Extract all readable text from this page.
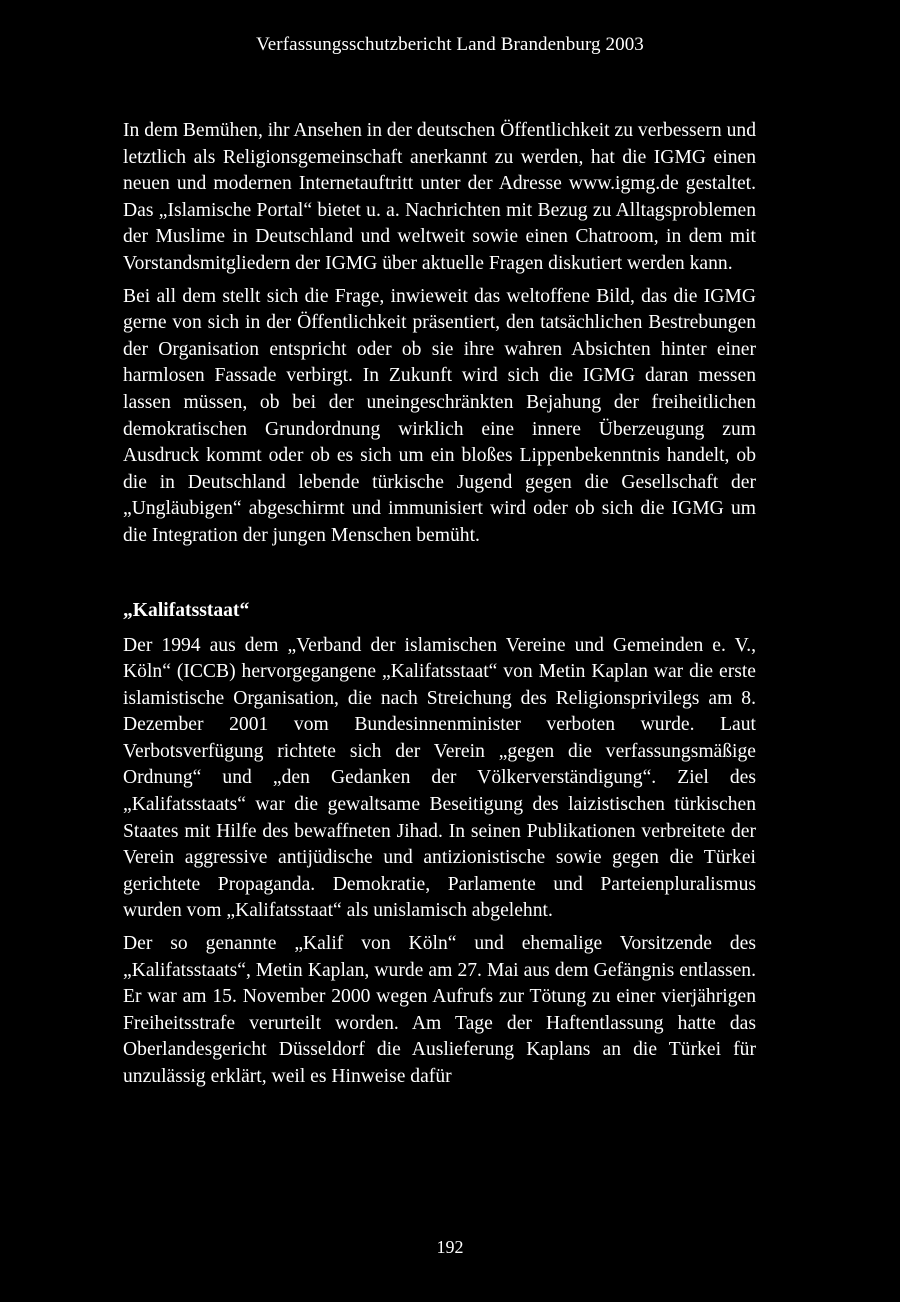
Verfassungsschutzbericht Land Brandenburg 2003

In dem Bemühen, ihr Ansehen in der deutschen Öffentlichkeit zu verbessern und letztlich als Religionsgemeinschaft anerkannt zu werden, hat die IGMG einen neuen und modernen Internetauftritt unter der Adresse www.igmg.de gestaltet. Das „Islamische Portal“ bietet u. a. Nachrichten mit Bezug zu Alltagsproblemen der Muslime in Deutschland und weltweit sowie einen Chatroom, in dem mit Vorstandsmitgliedern der IGMG über aktuelle Fragen diskutiert werden kann.

Bei all dem stellt sich die Frage, inwieweit das weltoffene Bild, das die IGMG gerne von sich in der Öffentlichkeit präsentiert, den tatsächlichen Bestrebungen der Organisation entspricht oder ob sie ihre wahren Absichten hinter einer harmlosen Fassade verbirgt. In Zukunft wird sich die IGMG daran messen lassen müssen, ob bei der uneingeschränkten Bejahung der freiheitlichen demokratischen Grundordnung wirklich eine innere Überzeugung zum Ausdruck kommt oder ob es sich um ein bloßes Lippenbekenntnis handelt, ob die in Deutschland lebende türkische Jugend gegen die Gesellschaft der „Ungläubigen“ abgeschirmt und immunisiert wird oder ob sich die IGMG um die Integration der jungen Menschen bemüht.

„Kalifatsstaat“

Der 1994 aus dem „Verband der islamischen Vereine und Gemeinden e. V., Köln“ (ICCB) hervorgegangene „Kalifatsstaat“ von Metin Kaplan war die erste islamistische Organisation, die nach Streichung des Religionsprivilegs am 8. Dezember 2001 vom Bundesinnenminister verboten wurde. Laut Verbotsverfügung richtete sich der Verein „gegen die verfassungsmäßige Ordnung“ und „den Gedanken der Völkerverständigung“. Ziel des „Kalifatsstaats“ war die gewaltsame Beseitigung des laizistischen türkischen Staates mit Hilfe des bewaffneten Jihad. In seinen Publikationen verbreitete der Verein aggressive antijüdische und antizionistische sowie gegen die Türkei gerichtete Propaganda. Demokratie, Parlamente und Parteienpluralismus wurden vom „Kalifatsstaat“ als unislamisch abgelehnt.

Der so genannte „Kalif von Köln“ und ehemalige Vorsitzende des „Kalifatsstaats“, Metin Kaplan, wurde am 27. Mai aus dem Gefängnis entlassen. Er war am 15. November 2000 wegen Aufrufs zur Tötung zu einer vierjährigen Freiheitsstrafe verurteilt worden. Am Tage der Haftentlassung hatte das Oberlandesgericht Düsseldorf die Auslieferung Kaplans an die Türkei für unzulässig erklärt, weil es Hinweise dafür

192
